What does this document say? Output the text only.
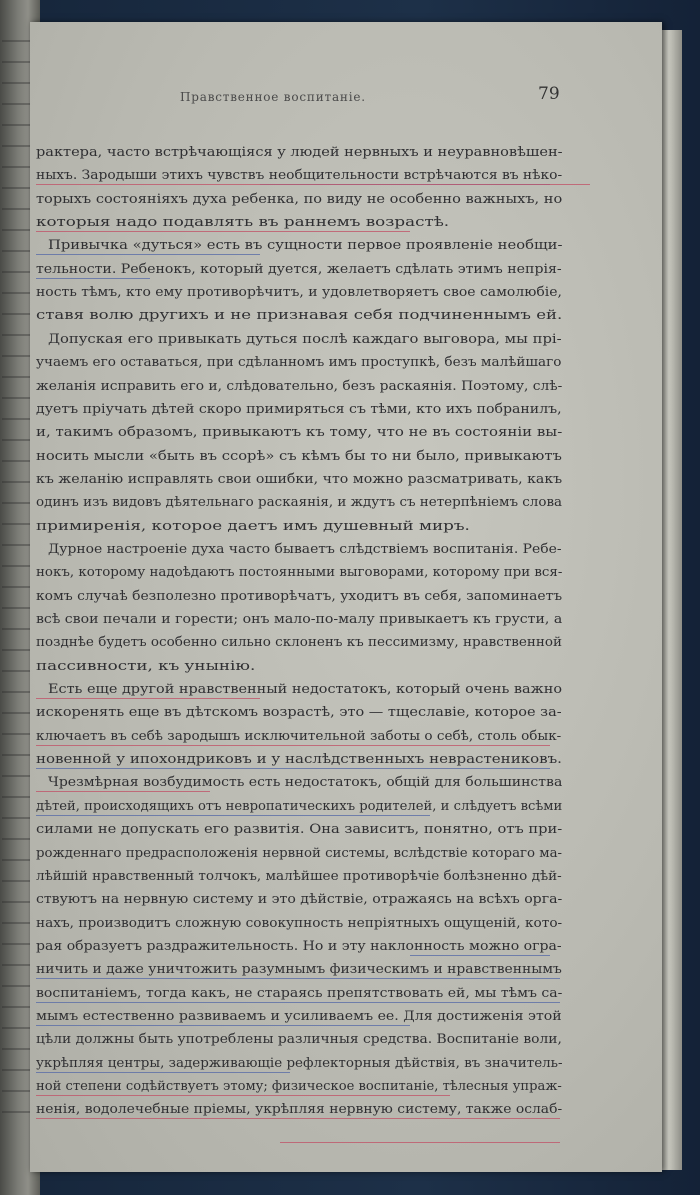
Правственное воспитаніе.	79
рактера, часто встрѣчающіяся у людей нервныхъ и неуравновѣшен-
ныхъ. Зародыши этихъ чувствъ необщительности встрѣчаются въ нѣко-
торыхъ состояніяхъ духа ребенка, по виду не особенно важныхъ, но
которыя надо подавлять въ раннемъ возрастѣ.
Привычка «дуться» есть въ сущности первое проявленіе необщи-
тельности. Ребенокъ, который дуется, желаетъ сдѣлать этимъ непрія-
ность тѣмъ, кто ему противорѣчитъ, и удовлетворяетъ свое самолюбіе,
ставя волю другихъ и не признавая себя подчиненнымъ ей.
Допуская его привыкать дуться послѣ каждаго выговора, мы прі-
учаемъ его оставаться, при сдѣланномъ имъ проступкѣ, безъ малѣйшаго
желанія исправить его и, слѣдовательно, безъ раскаянія. Поэтому, слѣ-
дуетъ пріучать дѣтей скоро примиряться съ тѣми, кто ихъ побранилъ,
и, такимъ образомъ, привыкаютъ къ тому, что не въ состояніи вы-
носить мысли «быть въ ссорѣ» съ кѣмъ бы то ни было, привыкаютъ
къ желанію исправлять свои ошибки, что можно разсматривать, какъ
одинъ изъ видовъ дѣятельнаго раскаянія, и ждутъ съ нетерпѣніемъ слова
примиренія, которое даетъ имъ душевный миръ.
Дурное настроеніе духа часто бываетъ слѣдствіемъ воспитанія. Ребе-
нокъ, которому надоѣдаютъ постоянными выговорами, которому при вся-
комъ случаѣ безполезно противорѣчатъ, уходитъ въ себя, запоминаетъ
всѣ свои печали и горести; онъ мало-по-малу привыкаетъ къ грусти, а
позднѣе будетъ особенно сильно склоненъ къ пессимизму, нравственной
пассивности, къ унынію.
Есть еще другой нравственный недостатокъ, который очень важно
искоренять еще въ дѣтскомъ возрастѣ, это — тщеславіе, которое за-
ключаетъ въ себѣ зародышъ исключительной заботы о себѣ, столь обык-
новенной у ипохондриковъ и у наслѣдственныхъ неврастениковъ.
Чрезмѣрная возбудимость есть недостатокъ, общій для большинства
дѣтей, происходящихъ отъ невропатическихъ родителей, и слѣдуетъ всѣми
силами не допускать его развитія. Она зависитъ, понятно, отъ при-
рожденнаго предрасположенія нервной системы, вслѣдствіе котораго ма-
лѣйшій нравственный толчокъ, малѣйшее противорѣчіе болѣзненно дѣй-
ствуютъ на нервную систему и это дѣйствіе, отражаясь на всѣхъ орга-
нахъ, производитъ сложную совокупность непріятныхъ ощущеній, кото-
рая образуетъ раздражительность. Но и эту наклонность можно огра-
ничить и даже уничтожить разумнымъ физическимъ и нравственнымъ
воспитаніемъ, тогда какъ, не стараясь препятствовать ей, мы тѣмъ са-
мымъ естественно развиваемъ и усиливаемъ ее. Для достиженія этой
цѣли должны быть употреблены различныя средства. Воспитаніе воли,
укрѣпляя центры, задерживающіе рефлекторныя дѣйствія, въ значитель-
ной степени содѣйствуетъ этому; физическое воспитаніе, тѣлесныя упраж-
ненія, водолечебные пріемы, укрѣпляя нервную систему, также ослаб-
